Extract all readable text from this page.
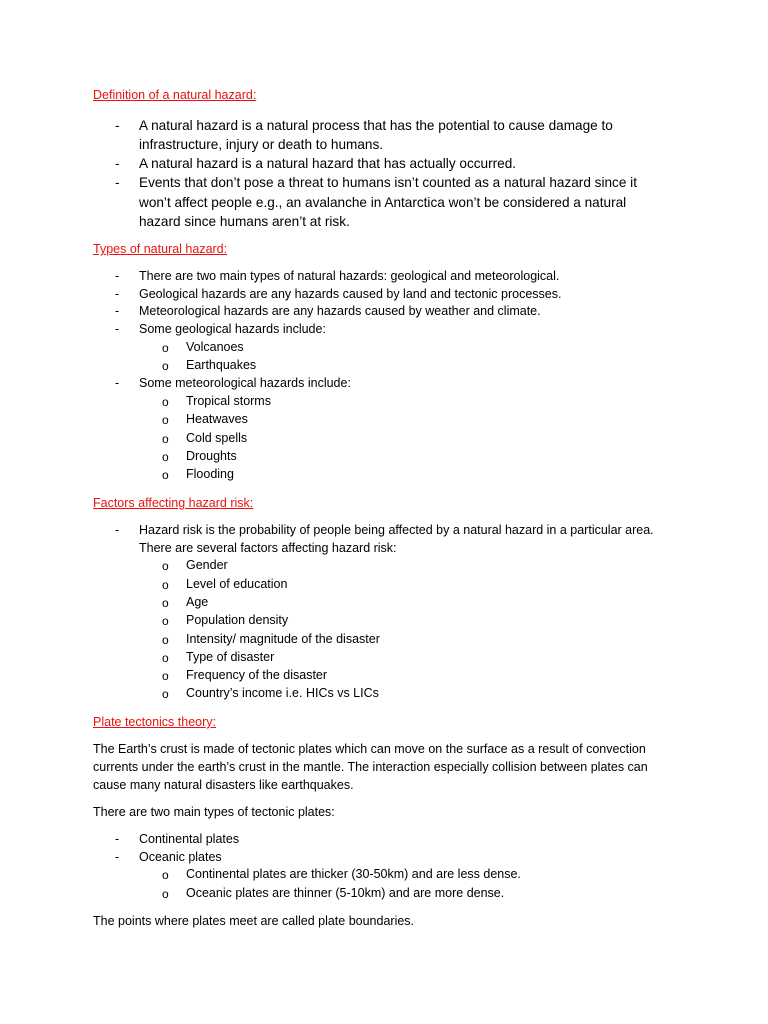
Definition of a natural hazard:
- A natural hazard is a natural process that has the potential to cause damage to
infrastructure, injury or death to humans.
- A natural hazard is a natural hazard that has actually occurred.
- Events that don’t pose a threat to humans isn’t counted as a natural hazard since it
won’t affect people e.g., an avalanche in Antarctica won’t be considered a natural
hazard since humans aren’t at risk.
Types of natural hazard:
- There are two main types of natural hazards: geological and meteorological.
- Geological hazards are any hazards caused by land and tectonic processes.
- Meteorological hazards are any hazards caused by weather and climate.
- Some geological hazards include:
o Volcanoes
o Earthquakes
- Some meteorological hazards include:
o Tropical storms
o Heatwaves
o Cold spells
o Droughts
o Flooding
Factors affecting hazard risk:
- Hazard risk is the probability of people being affected by a natural hazard in a particular area.
There are several factors affecting hazard risk:
o Gender
o Level of education
o Age
o Population density
o Intensity/ magnitude of the disaster
o Type of disaster
o Frequency of the disaster
o Country’s income i.e. HICs vs LICs
Plate tectonics theory:
The Earth’s crust is made of tectonic plates which can move on the surface as a result of convection
currents under the earth’s crust in the mantle. The interaction especially collision between plates can
cause many natural disasters like earthquakes.
There are two main types of tectonic plates:
- Continental plates
- Oceanic plates
o Continental plates are thicker (30-50km) and are less dense.
o Oceanic plates are thinner (5-10km) and are more dense.
The points where plates meet are called plate boundaries.
